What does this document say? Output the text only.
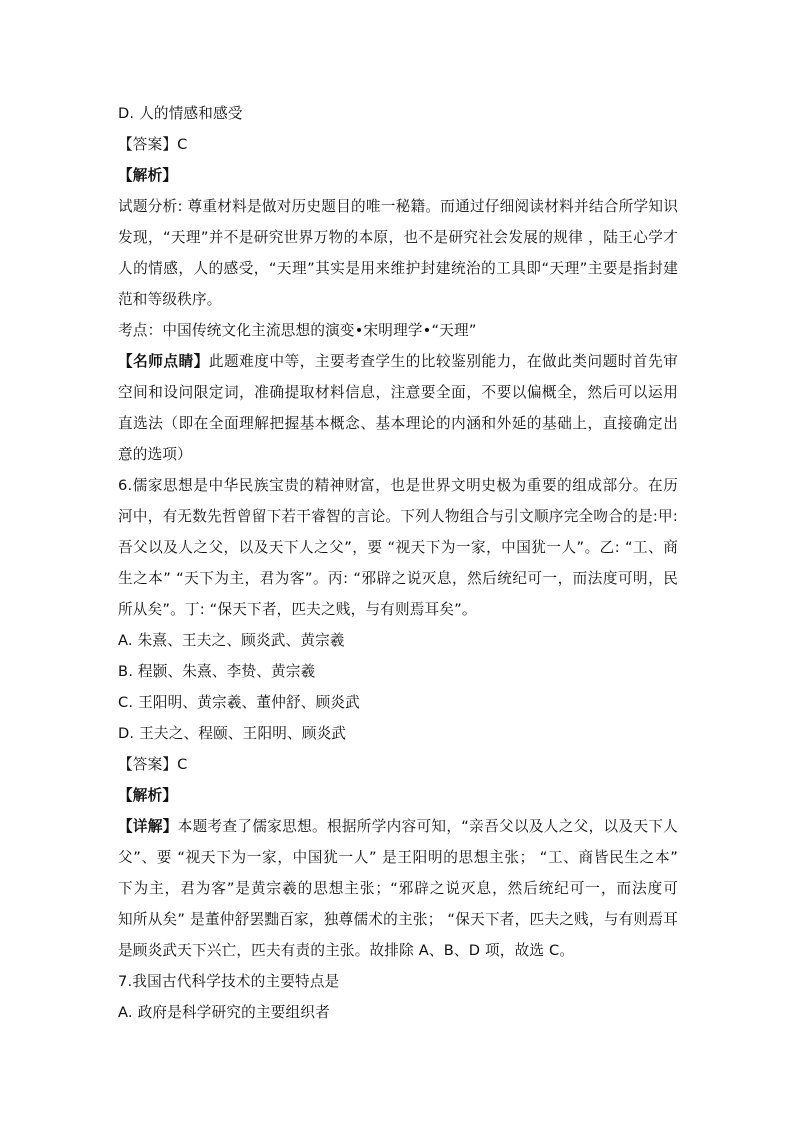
D. 人的情感和感受
【答案】C
【解析】
试题分析: 尊重材料是做对历史题目的唯一秘籍。而通过仔细阅读材料并结合所学知识
发现，“天理”并不是研究世界万物的本原，也不是研究社会发展的规律 ，陆王心学才
人的情感，人的感受，“天理”其实是用来维护封建统治的工具即“天理”主要是指封建
范和等级秩序。
考点：中国传统文化主流思想的演变•宋明理学•“天理”
【名师点睛】此题难度中等，主要考查学生的比较鉴别能力，在做此类问题时首先审
空间和设问限定词，准确提取材料信息，注意要全面，不要以偏概全，然后可以运用
直选法（即在全面理解把握基本概念、基本理论的内涵和外延的基础上，直接确定出
意的选项）
6.儒家思想是中华民族宝贵的精神财富，也是世界文明史极为重要的组成部分。在历
河中，有无数先哲曾留下若干睿智的言论。下列人物组合与引文顺序完全吻合的是:甲:
吾父以及人之父，以及天下人之父”，要 “视天下为一家，中国犹一人”。乙: “工、商
生之本” “天下为主，君为客”。丙: “邪辟之说灭息，然后统纪可一，而法度可明，民
所从矣”。丁: “保天下者，匹夫之贱，与有则焉耳矣”。
A. 朱熹、王夫之、顾炎武、黄宗羲
B. 程颢、朱熹、李贽、黄宗羲
C. 王阳明、黄宗羲、董仲舒、顾炎武
D. 王夫之、程颐、王阳明、顾炎武
【答案】C
【解析】
【详解】本题考查了儒家思想。根据所学内容可知，“亲吾父以及人之父，以及天下人
父”、要 “视天下为一家，中国犹一人” 是王阳明的思想主张； “工、商皆民生之本”
下为主，君为客”是黄宗羲的思想主张；“邪辟之说灭息，然后统纪可一，而法度可
知所从矣” 是董仲舒罢黜百家，独尊儒术的主张； “保天下者，匹夫之贱，与有则焉耳
是顾炎武天下兴亡，匹夫有责的主张。故排除 A、B、D 项，故选 C。
7.我国古代科学技术的主要特点是
A. 政府是科学研究的主要组织者
